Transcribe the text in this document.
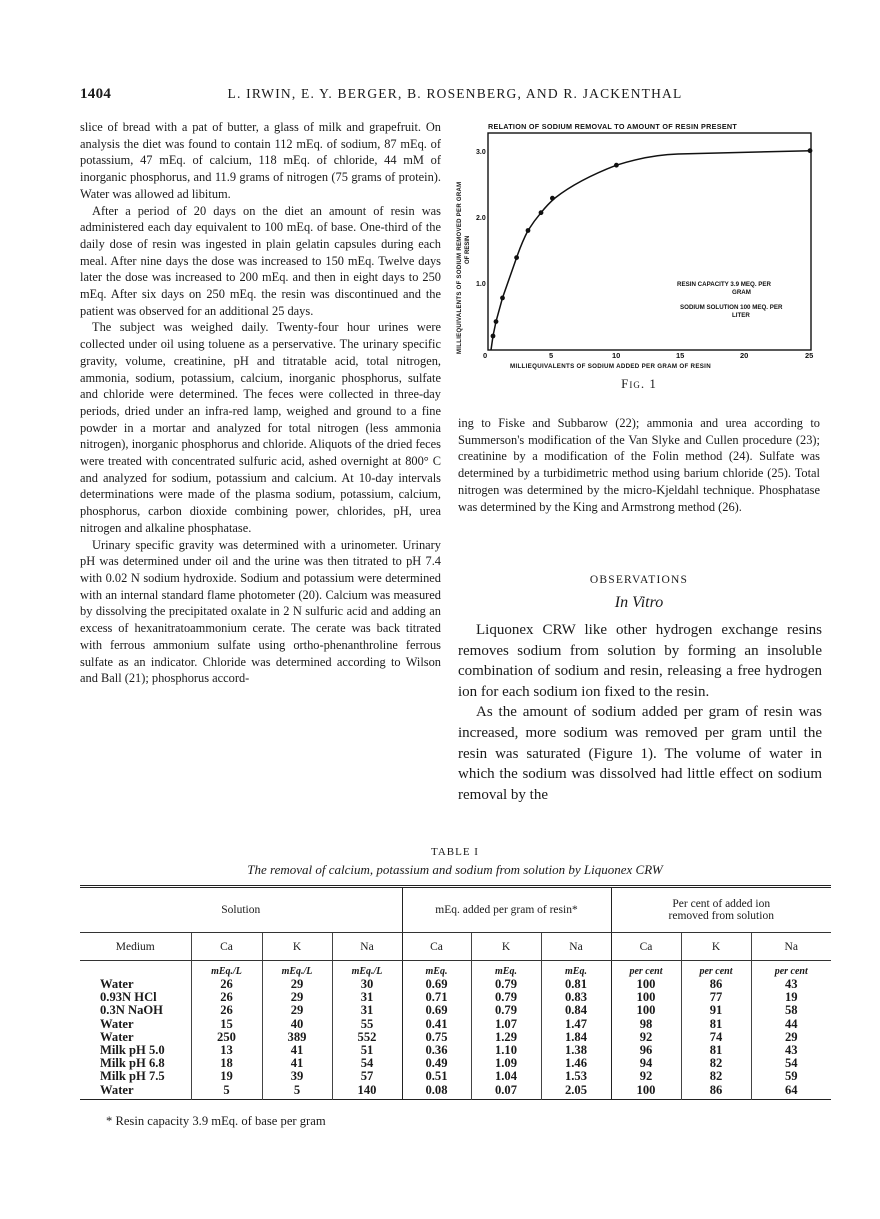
1404	L. IRWIN, E. Y. BERGER, B. ROSENBERG, AND R. JACKENTHAL

slice of bread with a pat of butter, a glass of milk and grapefruit. On analysis the diet was found to contain 112 mEq. of sodium, 87 mEq. of potassium, 47 mEq. of calcium, 118 mEq. of chloride, 44 mM of inorganic phosphorus, and 11.9 grams of nitrogen (75 grams of protein). Water was allowed ad libitum.

After a period of 20 days on the diet an amount of resin was administered each day equivalent to 100 mEq. of base. One-third of the daily dose of resin was ingested in plain gelatin capsules during each meal. After nine days the dose was increased to 150 mEq. Twelve days later the dose was increased to 200 mEq. and then in eight days to 250 mEq. After six days on 250 mEq. the resin was discontinued and the patient was observed for an additional 25 days.

The subject was weighed daily. Twenty-four hour urines were collected under oil using toluene as a perservative. The urinary specific gravity, volume, creatinine, pH and titratable acid, total nitrogen, ammonia, sodium, potassium, calcium, inorganic phosphorus, sulfate and chloride were determined. The feces were collected in three-day periods, dried under an infra-red lamp, weighed and ground to a fine powder in a mortar and analyzed for total nitrogen (less ammonia nitrogen), inorganic phosphorus and chloride. Aliquots of the dried feces were treated with concentrated sulfuric acid, ashed overnight at 800° C and analyzed for sodium, potassium and calcium. At 10-day intervals determinations were made of the plasma sodium, potassium, calcium, phosphorus, carbon dioxide combining power, chlorides, pH, urea nitrogen and alkaline phosphatase.

Urinary specific gravity was determined with a urinometer. Urinary pH was determined under oil and the urine was then titrated to pH 7.4 with 0.02 N sodium hydroxide. Sodium and potassium were determined with an internal standard flame photometer (20). Calcium was measured by dissolving the precipitated oxalate in 2 N sulfuric acid and adding an excess of hexanitratoammonium cerate. The cerate was back titrated with ferrous ammonium sulfate using ortho-phenanthroline ferrous sulfate as an indicator. Chloride was determined according to Wilson and Ball (21); phosphorus accord-

RELATION OF SODIUM REMOVAL TO AMOUNT OF RESIN PRESENT
3.0
2.0
1.0
0	5	10	15	20	25
MILLIEQUIVALENTS OF SODIUM ADDED PER GRAM OF RESIN
MILLIEQUIVALENTS OF SODIUM REMOVED PER GRAM OF RESIN
RESIN CAPACITY 3.9 MEQ. PER
GRAM
SODIUM SOLUTION 100 MEQ. PER
LITER
Fig. 1

ing to Fiske and Subbarow (22); ammonia and urea according to Summerson's modification of the Van Slyke and Cullen procedure (23); creatinine by a modification of the Folin method (24). Sulfate was determined by a turbidimetric method using barium chloride (25). Total nitrogen was determined by the micro-Kjeldahl technique. Phosphatase was determined by the King and Armstrong method (26).

OBSERVATIONS
In Vitro

Liquonex CRW like other hydrogen exchange resins removes sodium from solution by forming an insoluble combination of sodium and resin, releasing a free hydrogen ion for each sodium ion fixed to the resin.

As the amount of sodium added per gram of resin was increased, more sodium was removed per gram until the resin was saturated (Figure 1). The volume of water in which the sodium was dissolved had little effect on sodium removal by the

TABLE I
The removal of calcium, potassium and sodium from solution by Liquonex CRW
Solution				mEq. added per gram of resin*			Per cent of added ion removed from solution		
Medium	Ca	K	Na	Ca	K	Na	Ca	K	Na
	mEq./L	mEq./L	mEq./L	mEq.	mEq.	mEq.	per cent	per cent	per cent
Water	26	29	30	0.69	0.79	0.81	100	86	43
0.93N HCl	26	29	31	0.71	0.79	0.83	100	77	19
0.3N NaOH	26	29	31	0.69	0.79	0.84	100	91	58
Water	15	40	55	0.41	1.07	1.47	98	81	44
Water	250	389	552	0.75	1.29	1.84	92	74	29
Milk pH 5.0	13	41	51	0.36	1.10	1.38	96	81	43
Milk pH 6.8	18	41	54	0.49	1.09	1.46	94	82	54
Milk pH 7.5	19	39	57	0.51	1.04	1.53	92	82	59
Water	5	5	140	0.08	0.07	2.05	100	86	64
* Resin capacity 3.9 mEq. of base per gram
